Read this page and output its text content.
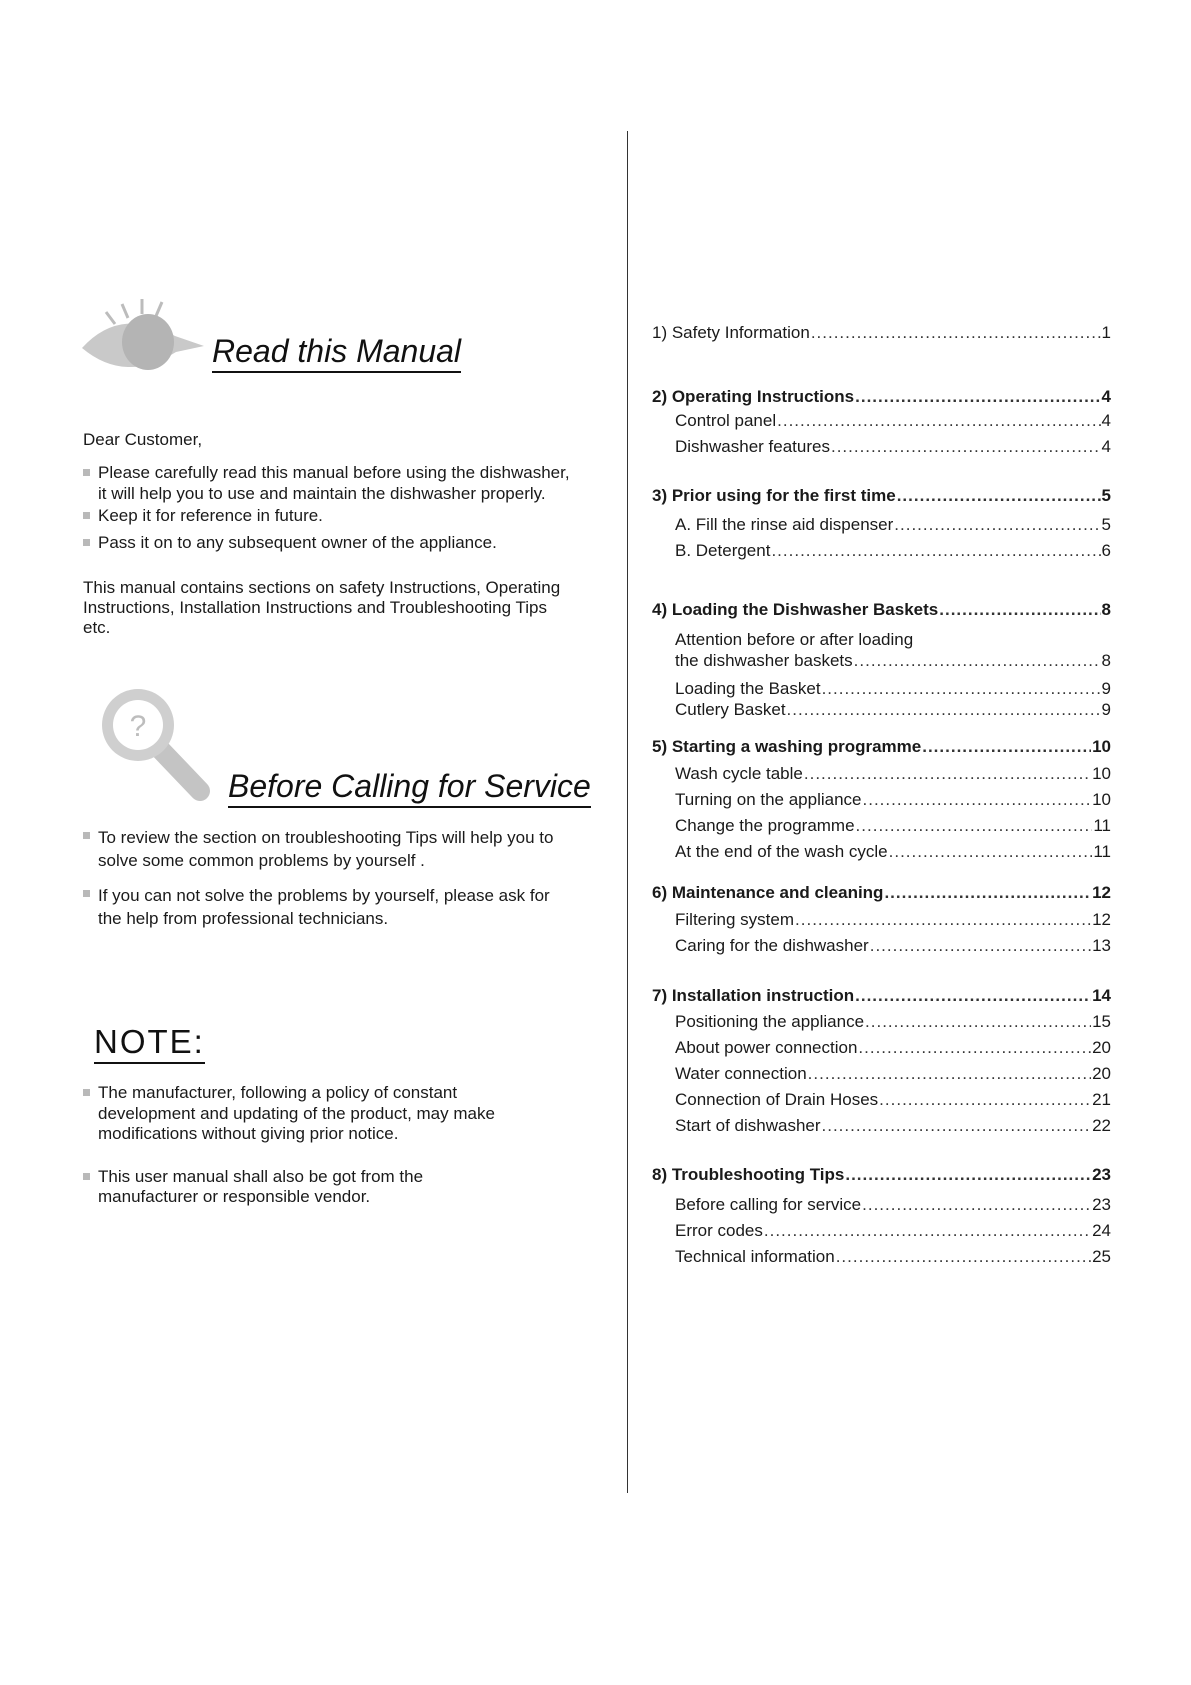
Read this Manual
Dear Customer,
Please carefully read this manual before using the dishwasher, it will help you to use and maintain the dishwasher properly.
Keep it for reference in future.
Pass it on to any subsequent owner of the appliance.
This manual contains sections on safety Instructions, Operating Instructions, Installation Instructions and Troubleshooting Tips etc.
?
Before Calling for Service
To review the section on troubleshooting Tips will help you to solve some common problems by yourself .
If you can not solve the problems by yourself, please ask for the help from professional technicians.
NOTE:
The manufacturer, following a policy of constant development and updating of the product, may make modifications without giving prior notice.
This user manual shall also be got from the manufacturer or responsible vendor.
1) Safety Information .....	1
2) Operating Instructions .....	4
Control panel .....	4
Dishwasher features .....	4
3) Prior using for the first time .....	5
A. Fill the rinse aid dispenser .....	5
B. Detergent .....	6
4) Loading the Dishwasher Baskets .....	8
Attention before or after loading
the dishwasher baskets .....	8
Loading the Basket .....	9
Cutlery Basket .....	9
5) Starting a washing programme .....	10
Wash cycle table .....	10
Turning on the appliance .....	10
Change the programme .....	11
At the end of the wash cycle .....	11
6) Maintenance and cleaning .....	12
Filtering system .....	12
Caring for the dishwasher .....	13
7) Installation instruction .....	14
Positioning the appliance .....	15
About power connection .....	20
Water connection .....	20
Connection of Drain Hoses .....	21
Start of dishwasher .....	22
8) Troubleshooting Tips .....	23
Before calling for service .....	23
Error codes .....	24
Technical information .....	25
